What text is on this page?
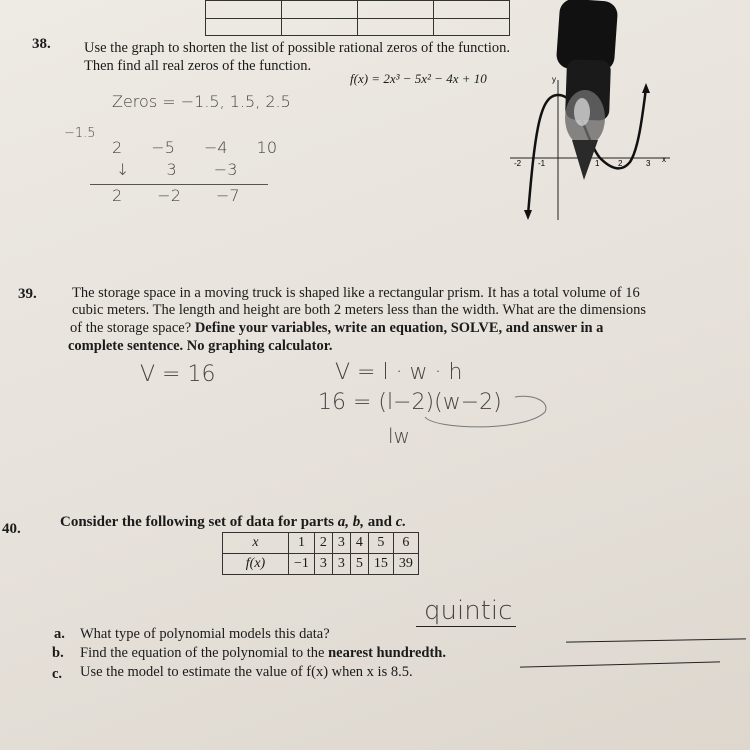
38. Use the graph to shorten the list of possible rational zeros of the function.
Then find all real zeros of the function.
f(x) = 2x³ − 5x² − 4x + 10
Zeros = −1.5, 1.5, 2.5
−1.5
2 −5 −4 10
↓ 3 −3
2 −2 −7
-2 -1	1 2	3 x
y
39. The storage space in a moving truck is shaped like a rectangular prism. It has a total volume of 16
cubic meters. The length and height are both 2 meters less than the width. What are the dimensions
of the storage space? Define your variables, write an equation, SOLVE, and answer in a
complete sentence. No graphing calculator.
V = 16	V = l · w · h
16 = (l−2)(w−2)
lw
40.	Consider the following set of data for parts a, b, and c.
x	1	2	3	4	5	6
f(x)	−1	3	3	5	15	39
a. What type of polynomial models this data?
quintic
b. Find the equation of the polynomial to the nearest hundredth.
c. Use the model to estimate the value of f(x) when x is 8.5.
